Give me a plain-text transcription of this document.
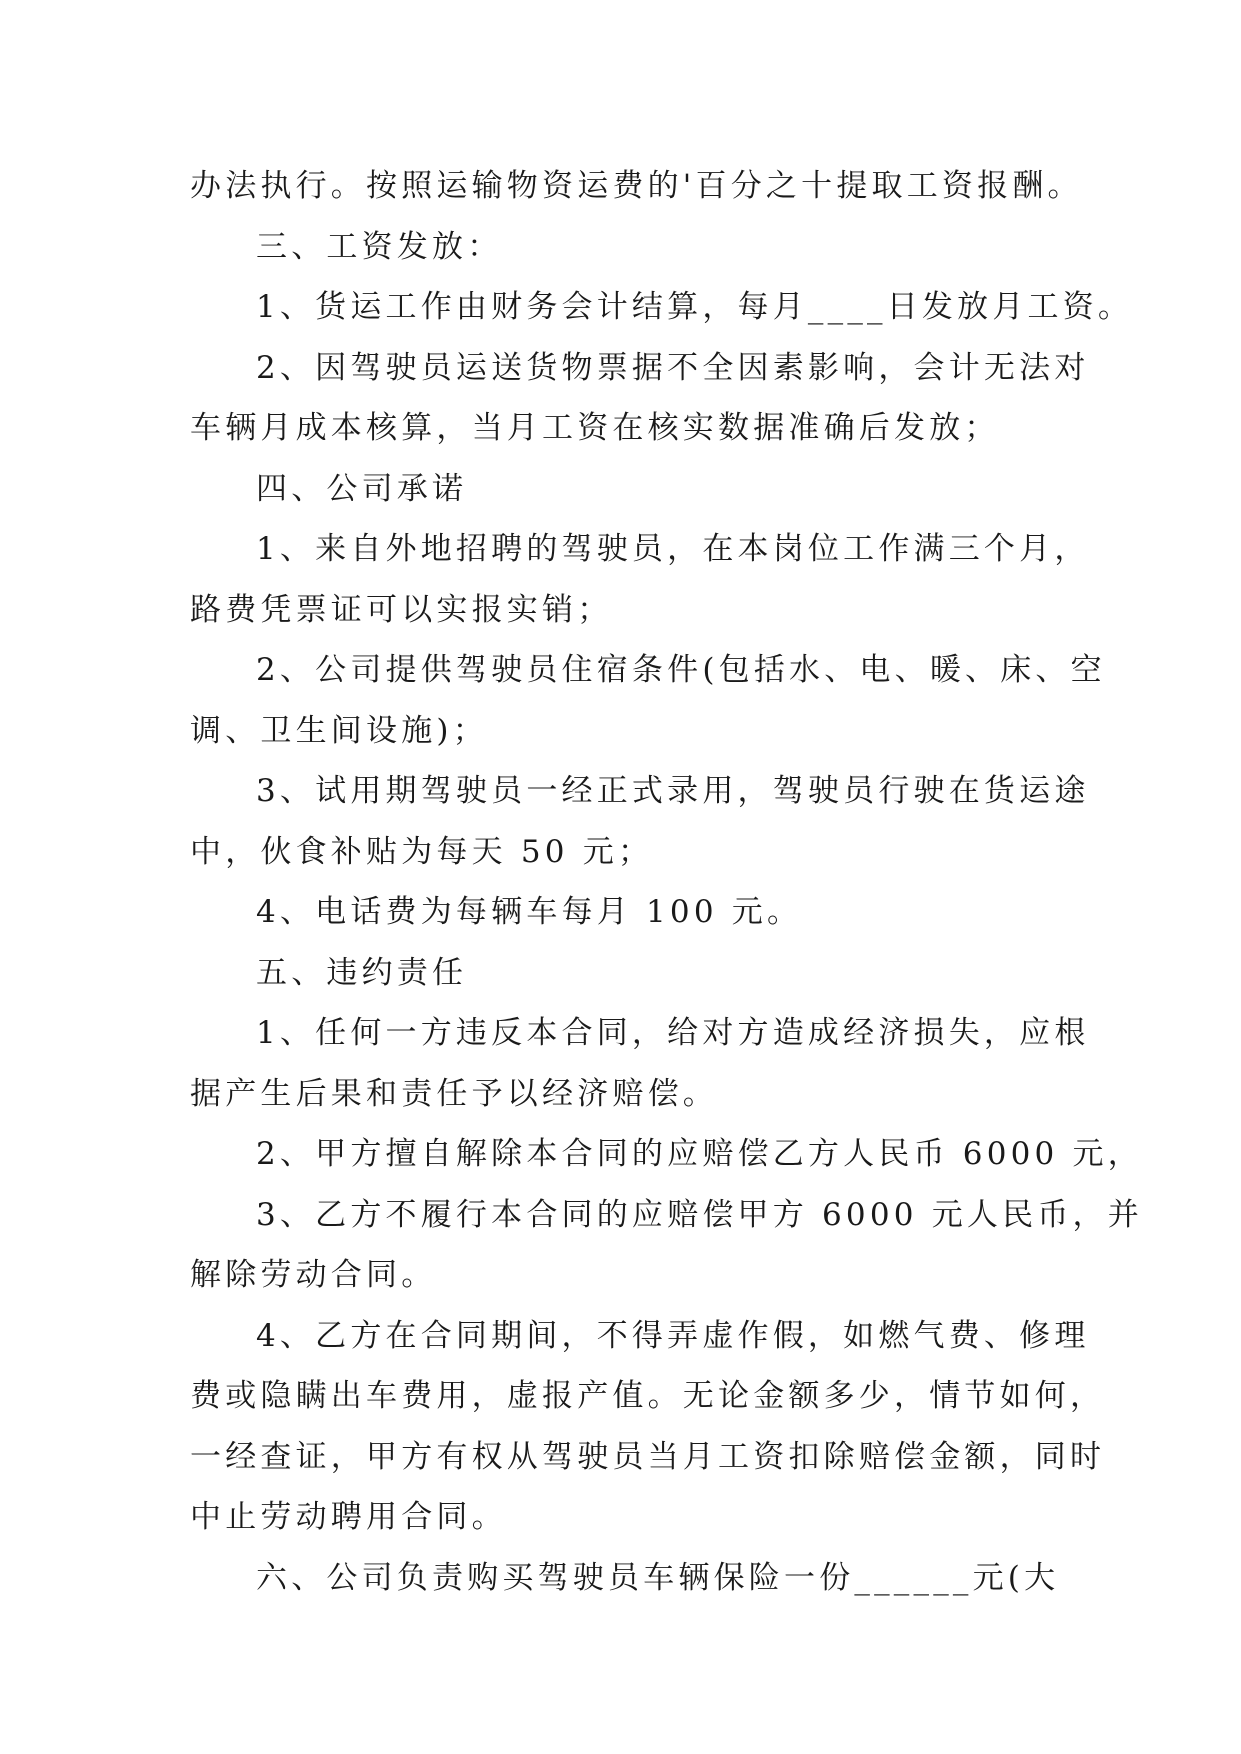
办法执行。按照运输物资运费的'百分之十提取工资报酬。

三、工资发放：

1、货运工作由财务会计结算，每月____日发放月工资。

2、因驾驶员运送货物票据不全因素影响，会计无法对

车辆月成本核算，当月工资在核实数据准确后发放；

四、公司承诺

1、来自外地招聘的驾驶员，在本岗位工作满三个月，

路费凭票证可以实报实销；

2、公司提供驾驶员住宿条件(包括水、电、暖、床、空

调、卫生间设施)；

3、试用期驾驶员一经正式录用，驾驶员行驶在货运途

中，伙食补贴为每天 50 元；

4、电话费为每辆车每月 100 元。

五、违约责任

1、任何一方违反本合同，给对方造成经济损失，应根

据产生后果和责任予以经济赔偿。

2、甲方擅自解除本合同的应赔偿乙方人民币 6000 元，

3、乙方不履行本合同的应赔偿甲方 6000 元人民币，并

解除劳动合同。

4、乙方在合同期间，不得弄虚作假，如燃气费、修理

费或隐瞒出车费用，虚报产值。无论金额多少，情节如何，

一经查证，甲方有权从驾驶员当月工资扣除赔偿金额，同时

中止劳动聘用合同。

六、公司负责购买驾驶员车辆保险一份______元(大
